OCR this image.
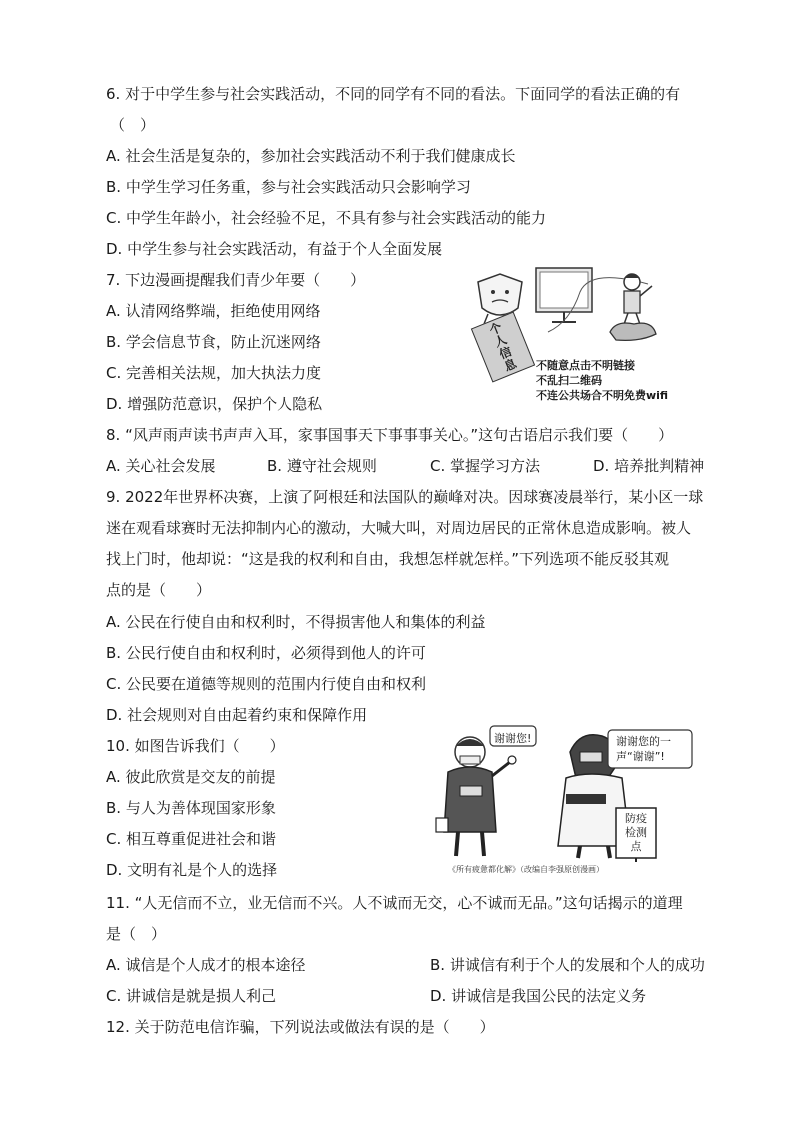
6. 对于中学生参与社会实践活动，不同的同学有不同的看法。下面同学的看法正确的有
（　）
A. 社会生活是复杂的，参加社会实践活动不利于我们健康成长
B. 中学生学习任务重，参与社会实践活动只会影响学习
C. 中学生年龄小，社会经验不足，不具有参与社会实践活动的能力
D. 中学生参与社会实践活动，有益于个人全面发展
7. 下边漫画提醒我们青少年要（　　）
A. 认清网络弊端，拒绝使用网络
B. 学会信息节食，防止沉迷网络
C. 完善相关法规，加大执法力度
D. 增强防范意识，保护个人隐私
个人信息 不随意点击不明链接
不乱扫二维码
不连公共场合不明免费wifi
8. “风声雨声读书声声入耳，家事国事天下事事事关心。”这句古语启示我们要（　　）
A. 关心社会发展	B. 遵守社会规则	C. 掌握学习方法	D. 培养批判精神
9. 2022年世界杯决赛，上演了阿根廷和法国队的巅峰对决。因球赛凌晨举行，某小区一球
迷在观看球赛时无法抑制内心的激动，大喊大叫，对周边居民的正常休息造成影响。被人
找上门时，他却说：“这是我的权利和自由，我想怎样就怎样。”下列选项不能反驳其观
点的是（　　）
A. 公民在行使自由和权利时，不得损害他人和集体的利益
B. 公民行使自由和权利时，必须得到他人的许可
C. 公民要在道德等规则的范围内行使自由和权利
D. 社会规则对自由起着约束和保障作用
10. 如图告诉我们（　　）
A. 彼此欣赏是交友的前提
B. 与人为善体现国家形象
C. 相互尊重促进社会和谐
D. 文明有礼是个人的选择
谢谢您!	谢谢您的一
声“谢谢”!
防疫
检测
点
《所有疲惫都化解》（改编自李强原创漫画）
11. “人无信而不立，业无信而不兴。人不诚而无交，心不诚而无品。”这句话揭示的道理
是（　）
A. 诚信是个人成才的根本途径	B. 讲诚信有利于个人的发展和个人的成功
C. 讲诚信是就是损人利己	D. 讲诚信是我国公民的法定义务
12. 关于防范电信诈骗，下列说法或做法有误的是（　　）
